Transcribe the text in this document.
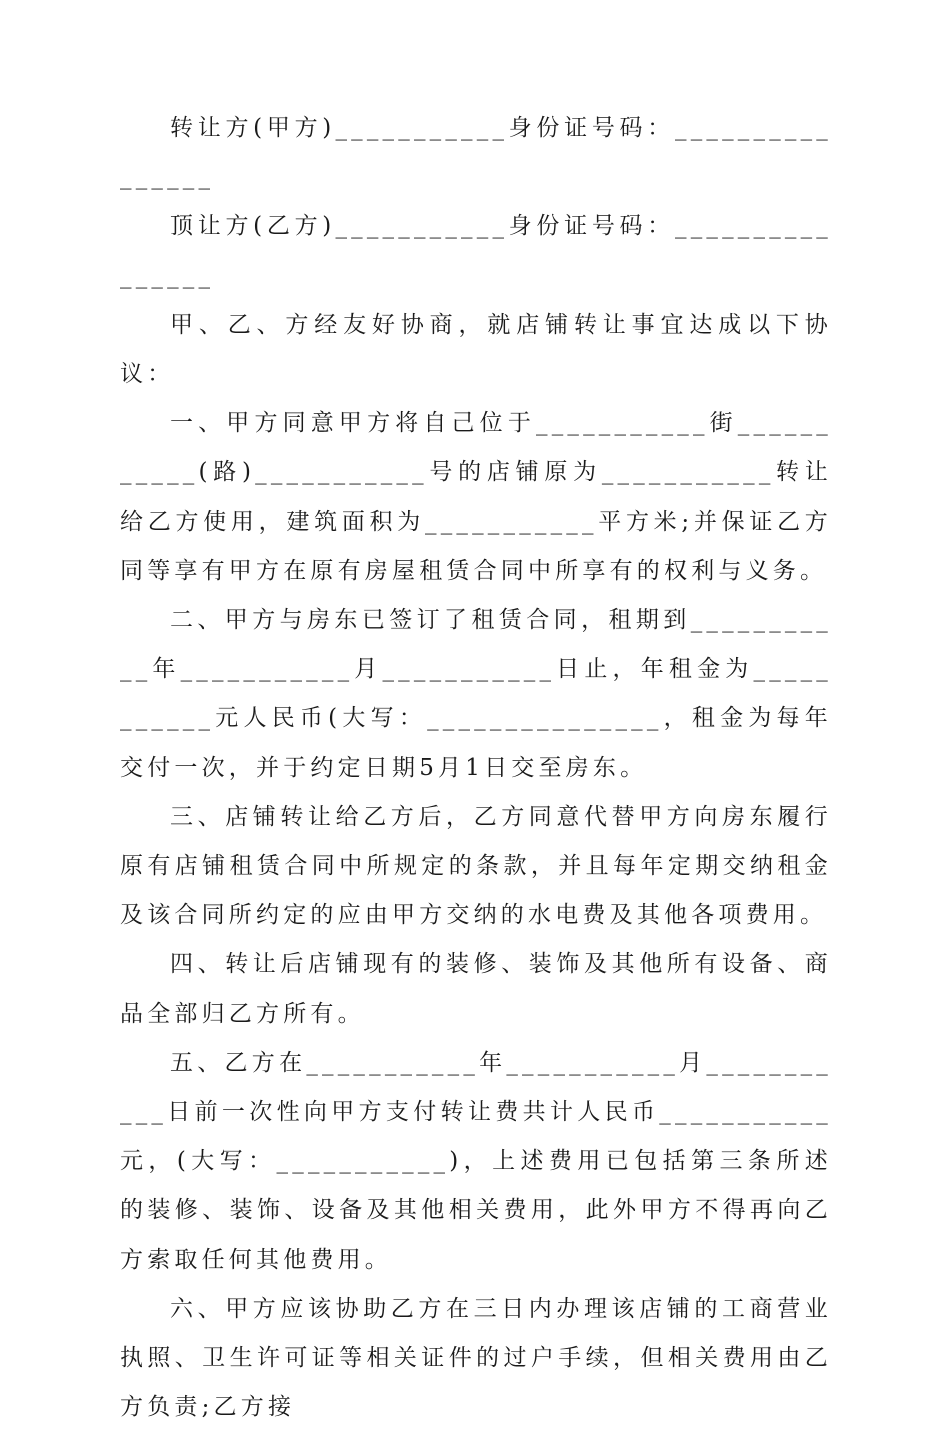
转让方(甲方)___________身份证号码：________________

顶让方(乙方)___________身份证号码：________________

甲、乙、方经友好协商，就店铺转让事宜达成以下协议：

一、甲方同意甲方将自己位于___________街___________(路)___________号的店铺原为___________转让给乙方使用，建筑面积为___________平方米;并保证乙方同等享有甲方在原有房屋租赁合同中所享有的权利与义务。

二、甲方与房东已签订了租赁合同，租期到___________年___________月___________日止，年租金为___________元人民币(大写：_______________，租金为每年交付一次，并于约定日期5月1日交至房东。

三、店铺转让给乙方后，乙方同意代替甲方向房东履行原有店铺租赁合同中所规定的条款，并且每年定期交纳租金及该合同所约定的应由甲方交纳的水电费及其他各项费用。

四、转让后店铺现有的装修、装饰及其他所有设备、商品全部归乙方所有。

五、乙方在___________年___________月___________日前一次性向甲方支付转让费共计人民币___________元，(大写：___________)，上述费用已包括第三条所述的装修、装饰、设备及其他相关费用，此外甲方不得再向乙方索取任何其他费用。

六、甲方应该协助乙方在三日内办理该店铺的工商营业执照、卫生许可证等相关证件的过户手续，但相关费用由乙方负责;乙方接
